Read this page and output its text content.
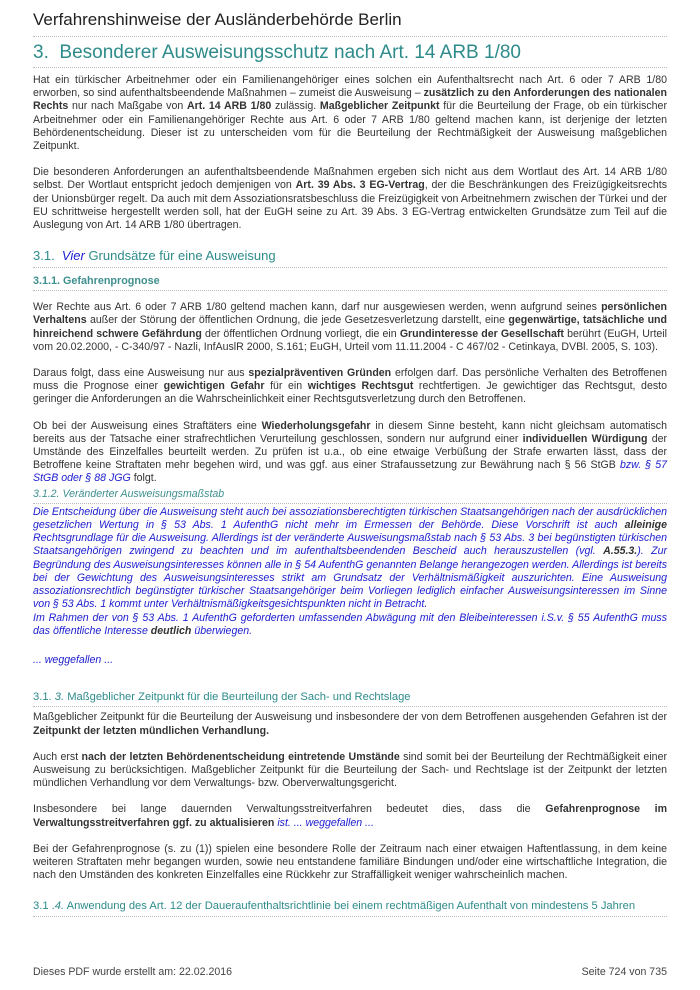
Verfahrenshinweise der Ausländerbehörde Berlin
3. Besonderer Ausweisungsschutz nach Art. 14 ARB 1/80

Hat ein türkischer Arbeitnehmer oder ein Familienangehöriger eines solchen ein Aufenthaltsrecht nach Art. 6 oder 7 ARB 1/80 erworben, so sind aufenthaltsbeendende Maßnahmen – zumeist die Ausweisung – zusätzlich zu den Anforderungen des nationalen Rechts nur nach Maßgabe von Art. 14 ARB 1/80 zulässig. Maßgeblicher Zeitpunkt für die Beurteilung der Frage, ob ein türkischer Arbeitnehmer oder ein Familienangehöriger Rechte aus Art. 6 oder 7 ARB 1/80 geltend machen kann, ist derjenige der letzten Behördenentscheidung. Dieser ist zu unterscheiden vom für die Beurteilung der Rechtmäßigkeit der Ausweisung maßgeblichen Zeitpunkt.

Die besonderen Anforderungen an aufenthaltsbeendende Maßnahmen ergeben sich nicht aus dem Wortlaut des Art. 14 ARB 1/80 selbst. Der Wortlaut entspricht jedoch demjenigen von Art. 39 Abs. 3 EG-Vertrag, der die Beschränkungen des Freizügigkeitsrechts der Unionsbürger regelt. Da auch mit dem Assoziationsratsbeschluss die Freizügigkeit von Arbeitnehmern zwischen der Türkei und der EU schrittweise hergestellt werden soll, hat der EuGH seine zu Art. 39 Abs. 3 EG-Vertrag entwickelten Grundsätze zum Teil auf die Auslegung von Art. 14 ARB 1/80 übertragen.

3.1. Vier Grundsätze für eine Ausweisung
3.1.1. Gefahrenprognose

Wer Rechte aus Art. 6 oder 7 ARB 1/80 geltend machen kann, darf nur ausgewiesen werden, wenn aufgrund seines persönlichen Verhaltens außer der Störung der öffentlichen Ordnung, die jede Gesetzesverletzung darstellt, eine gegenwärtige, tatsächliche und hinreichend schwere Gefährdung der öffentlichen Ordnung vorliegt, die ein Grundinteresse der Gesellschaft berührt (EuGH, Urteil vom 20.02.2000, - C-340/97 - Nazli, InfAuslR 2000, S.161; EuGH, Urteil vom 11.11.2004 - C 467/02 - Cetinkaya, DVBl. 2005, S. 103).

Daraus folgt, dass eine Ausweisung nur aus spezialpräventiven Gründen erfolgen darf. Das persönliche Verhalten des Betroffenen muss die Prognose einer gewichtigen Gefahr für ein wichtiges Rechtsgut rechtfertigen. Je gewichtiger das Rechtsgut, desto geringer die Anforderungen an die Wahrscheinlichkeit einer Rechtsgutsverletzung durch den Betroffenen.

Ob bei der Ausweisung eines Straftäters eine Wiederholungsgefahr in diesem Sinne besteht, kann nicht gleichsam automatisch bereits aus der Tatsache einer strafrechtlichen Verurteilung geschlossen, sondern nur aufgrund einer individuellen Würdigung der Umstände des Einzelfalles beurteilt werden. Zu prüfen ist u.a., ob eine etwaige Verbüßung der Strafe erwarten lässt, dass der Betroffene keine Straftaten mehr begehen wird, und was ggf. aus einer Strafaussetzung zur Bewährung nach § 56 StGB bzw. § 57 StGB oder § 88 JGG folgt.

3.1.2. Veränderter Ausweisungsmaßstab

Die Entscheidung über die Ausweisung steht auch bei assoziationsberechtigten türkischen Staatsangehörigen nach der ausdrücklichen gesetzlichen Wertung in § 53 Abs. 1 AufenthG nicht mehr im Ermessen der Behörde. Diese Vorschrift ist auch alleinige Rechtsgrundlage für die Ausweisung. Allerdings ist der veränderte Ausweisungsmaßstab nach § 53 Abs. 3 bei begünstigten türkischen Staatsangehörigen zwingend zu beachten und im aufenthaltsbeendenden Bescheid auch herauszustellen (vgl. A.55.3.). Zur Begründung des Ausweisungsinteresses können alle in § 54 AufenthG genannten Belange herangezogen werden. Allerdings ist bereits bei der Gewichtung des Ausweisungsinteresses strikt am Grundsatz der Verhältnismäßigkeit auszurichten. Eine Ausweisung assoziationsrechtlich begünstigter türkischer Staatsangehöriger beim Vorliegen lediglich einfacher Ausweisungsinteressen im Sinne von § 53 Abs. 1 kommt unter Verhältnismäßigkeitsgesichtspunkten nicht in Betracht.

Im Rahmen der von § 53 Abs. 1 AufenthG geforderten umfassenden Abwägung mit den Bleibeinteressen i.S.v. § 55 AufenthG muss das öffentliche Interesse deutlich überwiegen.

... weggefallen ...
3.1. 3. Maßgeblicher Zeitpunkt für die Beurteilung der Sach- und Rechtslage

Maßgeblicher Zeitpunkt für die Beurteilung der Ausweisung und insbesondere der von dem Betroffenen ausgehenden Gefahren ist der Zeitpunkt der letzten mündlichen Verhandlung.

Auch erst nach der letzten Behördenentscheidung eintretende Umstände sind somit bei der Beurteilung der Rechtmäßigkeit einer Ausweisung zu berücksichtigen. Maßgeblicher Zeitpunkt für die Beurteilung der Sach- und Rechtslage ist der Zeitpunkt der letzten mündlichen Verhandlung vor dem Verwaltungs- bzw. Oberverwaltungsgericht.

Insbesondere bei lange dauernden Verwaltungsstreitverfahren bedeutet dies, dass die Gefahrenprognose im Verwaltungsstreitverfahren ggf. zu aktualisieren ist. ... weggefallen ...

Bei der Gefahrenprognose (s. zu (1)) spielen eine besondere Rolle der Zeitraum nach einer etwaigen Haftentlassung, in dem keine weiteren Straftaten mehr begangen wurden, sowie neu entstandene familiäre Bindungen und/oder eine wirtschaftliche Integration, die nach den Umständen des konkreten Einzelfalles eine Rückkehr zur Straffälligkeit weniger wahrscheinlich machen.

3.1 .4. Anwendung des Art. 12 der Daueraufenthaltsrichtlinie bei einem rechtmäßigen Aufenthalt von mindestens 5 Jahren
Dieses PDF wurde erstellt am: 22.02.2016	Seite 724 von 735
